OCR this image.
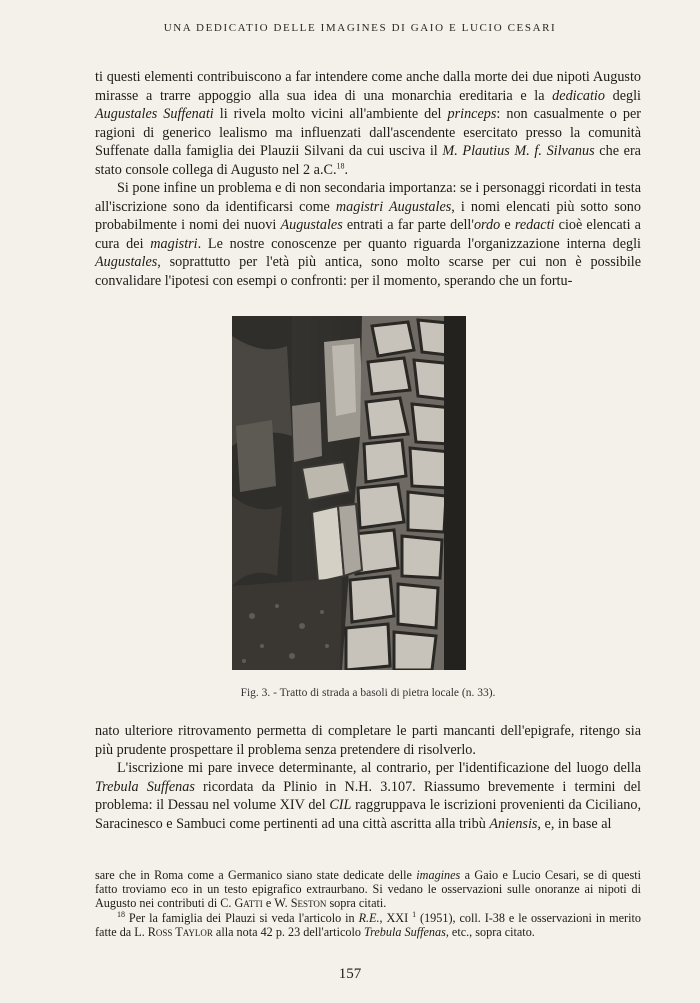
UNA DEDICATIO DELLE IMAGINES DI GAIO E LUCIO CESARI

ti questi elementi contribuiscono a far intendere come anche dalla morte dei due nipoti Augusto mirasse a trarre appoggio alla sua idea di una monarchia ereditaria e la dedicatio degli Augustales Suffenati li rivela molto vicini all'ambiente del princeps: non casualmente o per ragioni di generico lealismo ma influenzati dall'ascendente esercitato presso la comunità Suffenate dalla famiglia dei Plauzii Silvani da cui usciva il M. Plautius M. f. Silvanus che era stato console collega di Augusto nel 2 a.C.$^{18}$.

Si pone infine un problema e di non secondaria importanza: se i personaggi ricordati in testa all'iscrizione sono da identificarsi come magistri Augustales, i nomi elencati più sotto sono probabilmente i nomi dei nuovi Augustales entrati a far parte dell'ordo e redacti cioè elencati a cura dei magistri. Le nostre conoscenze per quanto riguarda l'organizzazione interna degli Augustales, soprattutto per l'età più antica, sono molto scarse per cui non è possibile convalidare l'ipotesi con esempi o confronti: per il momento, sperando che un fortu-

Fig. 3. - Tratto di strada a basoli di pietra locale (n. 33).

nato ulteriore ritrovamento permetta di completare le parti mancanti dell'epigrafe, ritengo sia più prudente prospettare il problema senza pretendere di risolverlo.

L'iscrizione mi pare invece determinante, al contrario, per l'identificazione del luogo della Trebula Suffenas ricordata da Plinio in N.H. 3.107. Riassumo brevemente i termini del problema: il Dessau nel volume XIV del CIL raggruppava le iscrizioni provenienti da Ciciliano, Saracinesco e Sambuci come pertinenti ad una città ascritta alla tribù Aniensis, e, in base al

sare che in Roma come a Germanico siano state dedicate delle imagines a Gaio e Lucio Cesari, se di questi fatto troviamo eco in un testo epigrafico extraurbano. Si vedano le osservazioni sulle onoranze ai nipoti di Augusto nei contributi di C. Gatti e W. Seston sopra citati.

$^{18}$ Per la famiglia dei Plauzi si veda l'articolo in R.E., XXI $^1$ (1951), coll. I-38 e le osservazioni in merito fatte da L. Ross Taylor alla nota 42 p. 23 dell'articolo Trebula Suffenas, etc., sopra citato.

157
